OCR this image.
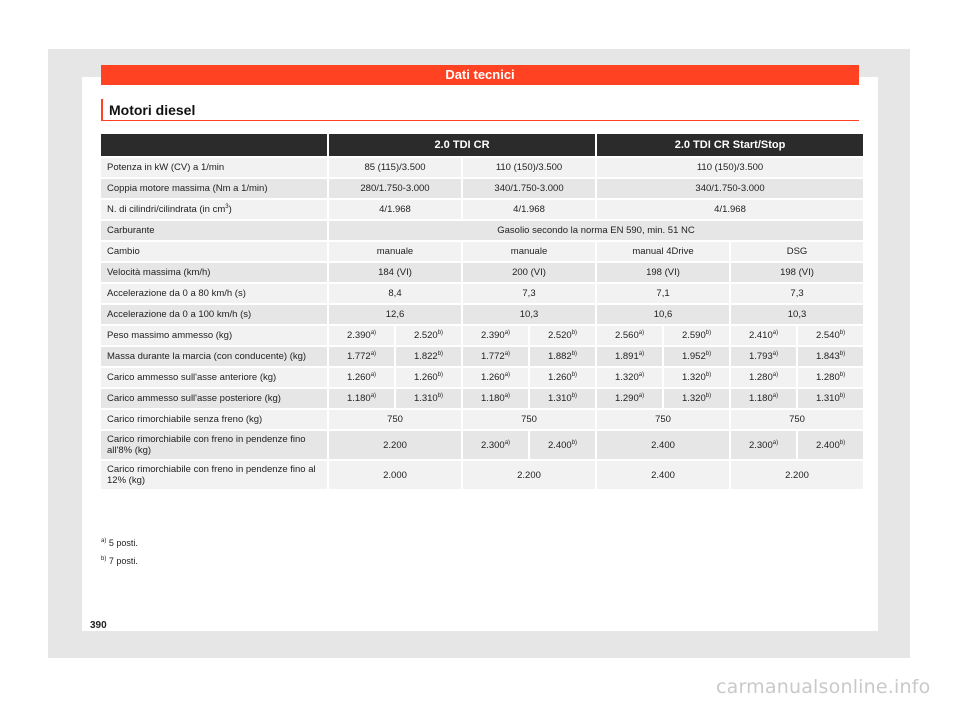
Dati tecnici
Motori diesel
	2.0 TDI CR				2.0 TDI CR Start/Stop			
Potenza in kW (CV) a 1/min	85 (115)/3.500		110 (150)/3.500		110 (150)/3.500			
Coppia motore massima (Nm a 1/min)	280/1.750-3.000		340/1.750-3.000		340/1.750-3.000			
N. di cilindri/cilindrata (in $cm^3$)	4/1.968		4/1.968		4/1.968			
Carburante	Gasolio secondo la norma EN 590, min. 51 NC							
Cambio	manuale		manuale		manual 4Drive		DSG	
Velocità massima (km/h)	184 (VI)		200 (VI)		198 (VI)		198 (VI)	
Accelerazione da 0 a 80 km/h (s)	8,4		7,3		7,1		7,3	
Accelerazione da 0 a 100 km/h (s)	12,6		10,3		10,6		10,3	
Peso massimo ammesso (kg)	2.390$^{a)}$	2.520$^{b)}$	2.390$^{a)}$	2.520$^{b)}$	2.560$^{a)}$	2.590$^{b)}$	2.410$^{a)}$	2.540$^{b)}$
Massa durante la marcia (con conducente) (kg)	1.772$^{a)}$	1.822$^{b)}$	1.772$^{a)}$	1.882$^{b)}$	1.891$^{a)}$	1.952$^{b)}$	1.793$^{a)}$	1.843$^{b)}$
Carico ammesso sull'asse anteriore (kg)	1.260$^{a)}$	1.260$^{b)}$	1.260$^{a)}$	1.260$^{b)}$	1.320$^{a)}$	1.320$^{b)}$	1.280$^{a)}$	1.280$^{b)}$
Carico ammesso sull'asse posteriore (kg)	1.180$^{a)}$	1.310$^{b)}$	1.180$^{a)}$	1.310$^{b)}$	1.290$^{a)}$	1.320$^{b)}$	1.180$^{a)}$	1.310$^{b)}$
Carico rimorchiabile senza freno (kg)	750		750		750		750	
Carico rimorchiabile con freno in pendenze fino all'8% (kg)	2.200		2.300$^{a)}$	2.400$^{b)}$	2.400		2.300$^{a)}$	2.400$^{b)}$
Carico rimorchiabile con freno in pendenze fino al 12% (kg)	2.000		2.200		2.400		2.200	
$^{a)}$ 5 posti.
$^{b)}$ 7 posti.
390
carmanualsonline.info
